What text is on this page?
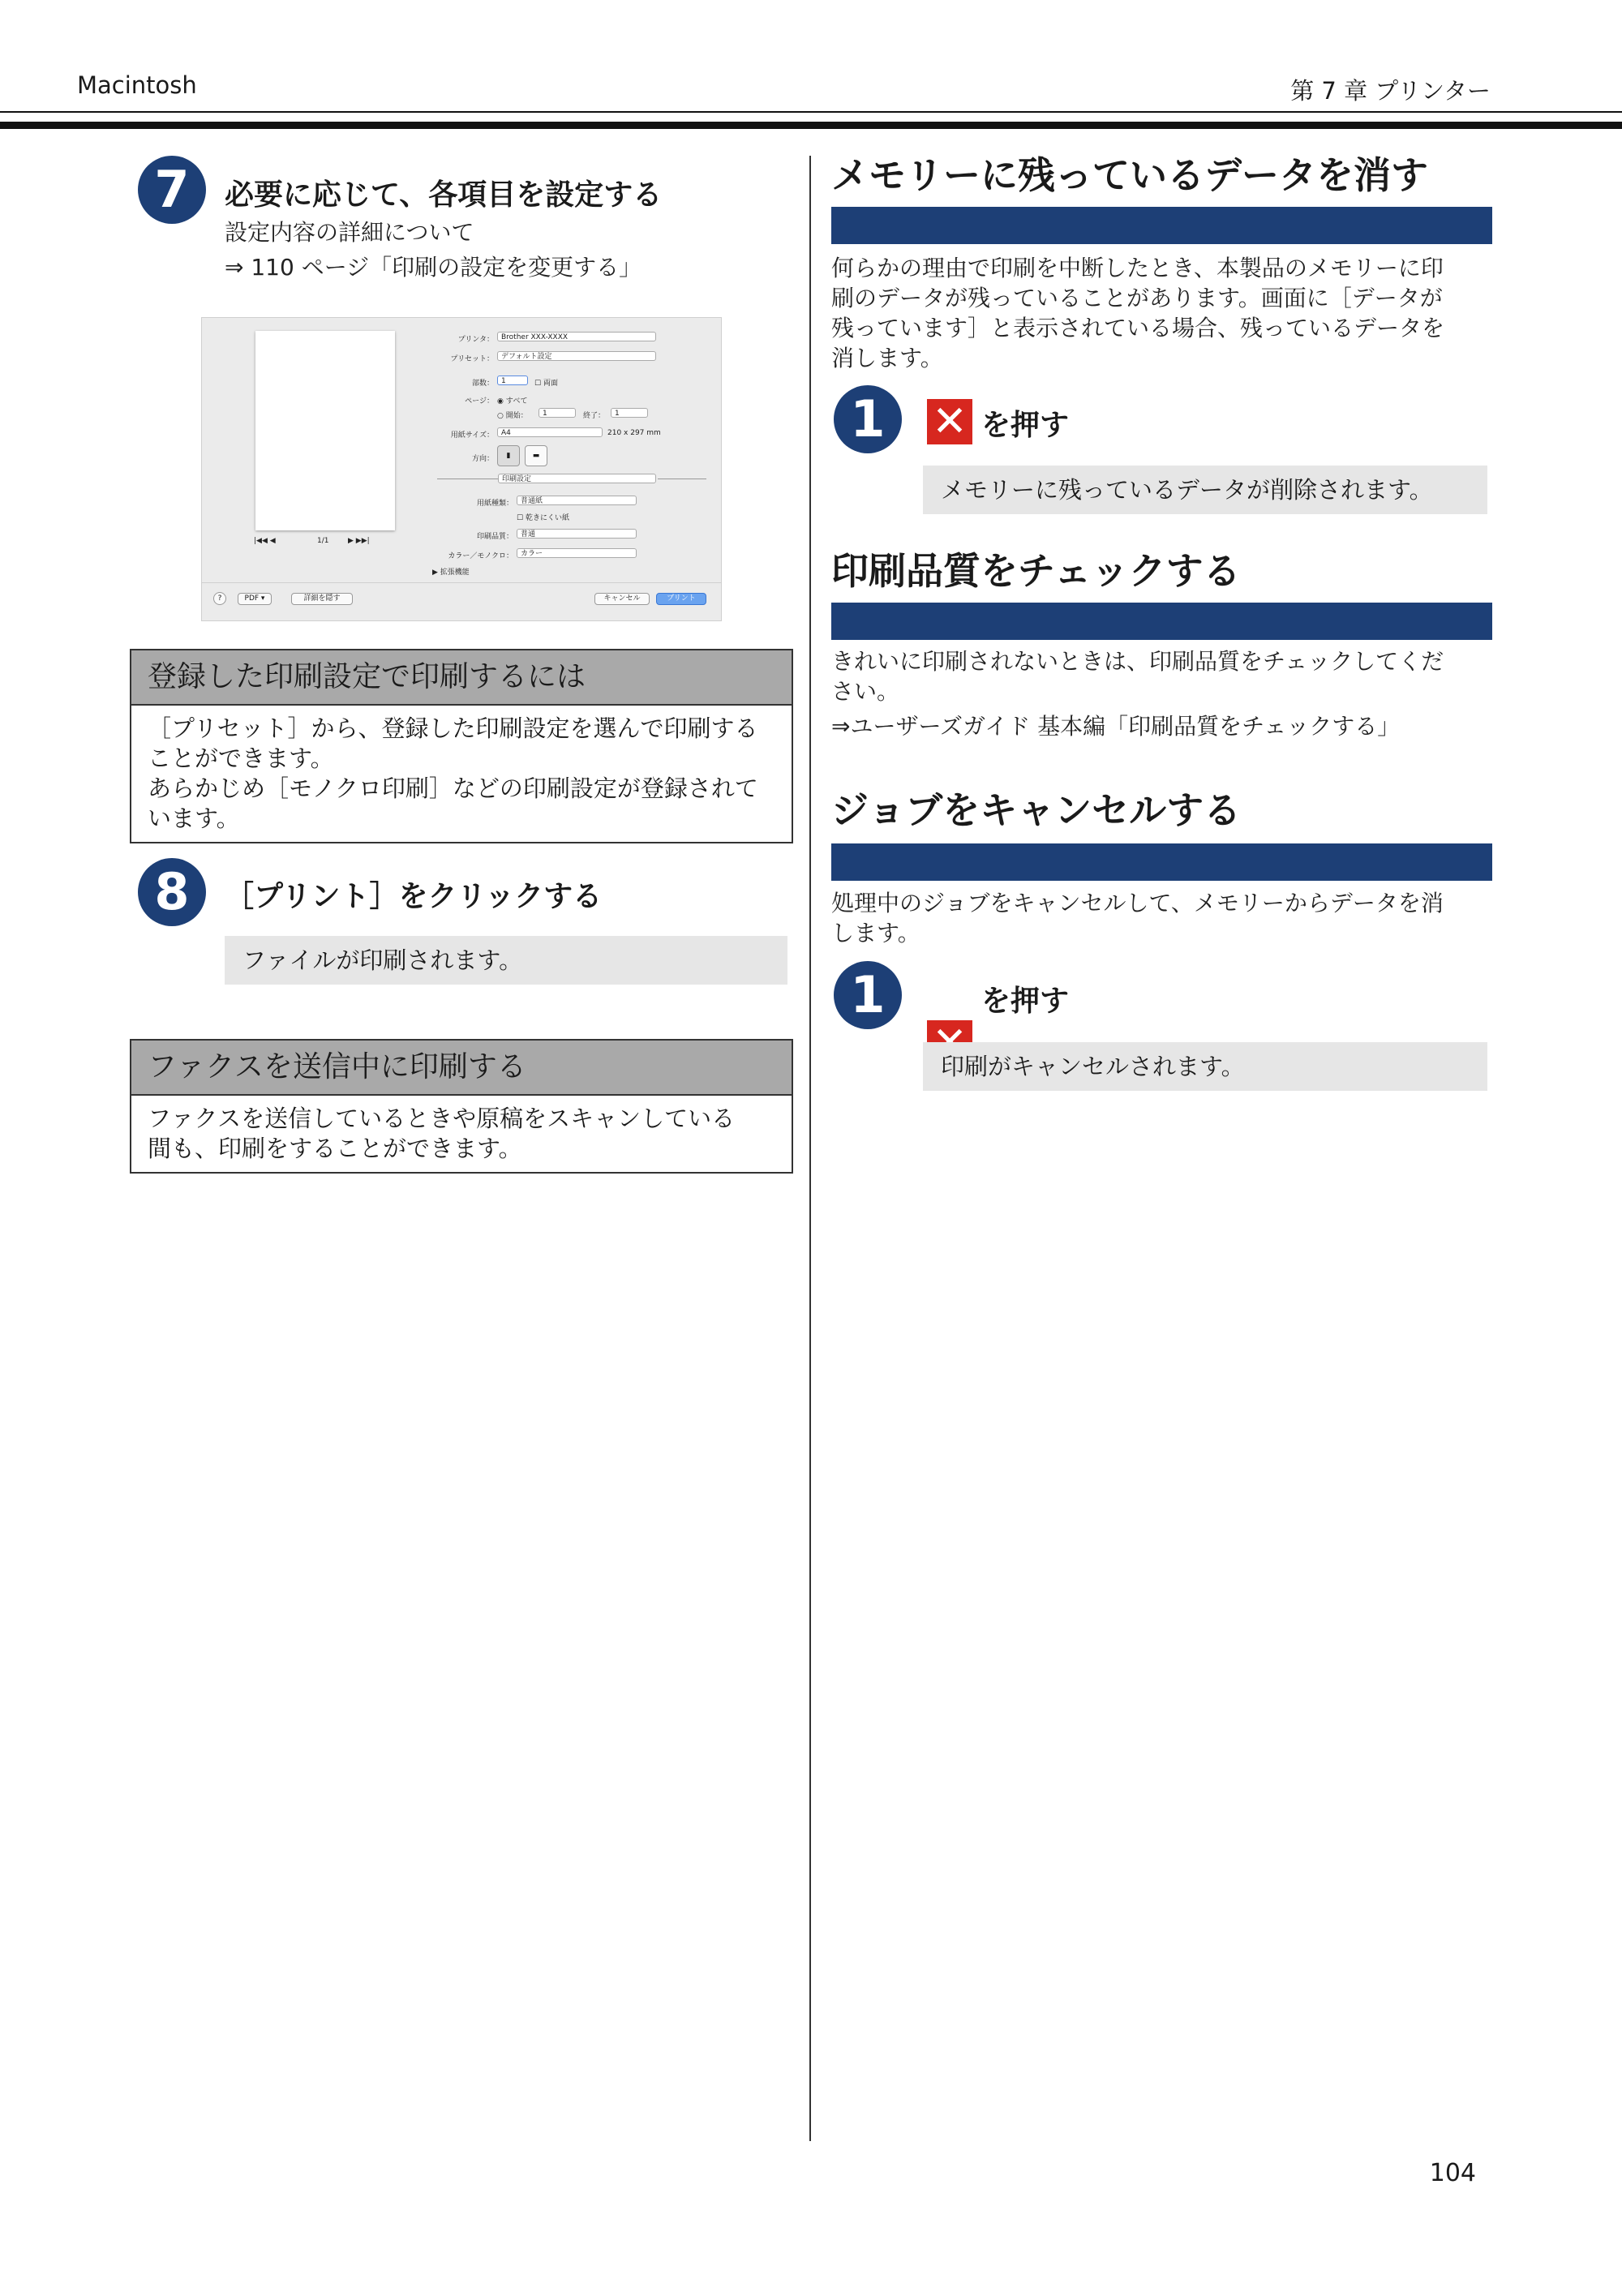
Macintosh	第 7 章 プリンター
7	必要に応じて、各項目を設定する
設定内容の詳細について
⇒ 110 ページ「印刷の設定を変更する」
|◀◀ ◀	1/1	▶ ▶▶|
プリンタ：	Brother XXX-XXXX
プリセット：	デフォルト設定
部数：	1	☐ 両面
ページ： ◉ すべて
○ 開始：	1	終了：	1
用紙サイズ：	A4	210 x 297 mm
方向：	▮	▬
印刷設定
用紙種類：	普通紙
☐ 乾きにくい紙
印刷品質：	普通
カラー／モノクロ：	カラー
▶ 拡張機能
?	PDF ▾	詳細を隠す	キャンセル	プリント
登録した印刷設定で印刷するには
［プリセット］から、登録した印刷設定を選んで印刷する
ことができます。
あらかじめ［モノクロ印刷］などの印刷設定が登録されて
います。
8	［プリント］をクリックする
ファイルが印刷されます。
ファクスを送信中に印刷する
ファクスを送信しているときや原稿をスキャンしている
間も、印刷をすることができます。
メモリーに残っているデータを消す
何らかの理由で印刷を中断したとき、本製品のメモリーに印
刷のデータが残っていることがあります。画面に［データが
残っています］と表示されている場合、残っているデータを
消します。
1	✕ を押す
メモリーに残っているデータが削除されます。
印刷品質をチェックする
きれいに印刷されないときは、印刷品質をチェックしてくだ
さい。
⇒ユーザーズガイド 基本編「印刷品質をチェックする」
ジョブをキャンセルする
処理中のジョブをキャンセルして、メモリーからデータを消
します。
1	を押す
印刷がキャンセルされます。
104
